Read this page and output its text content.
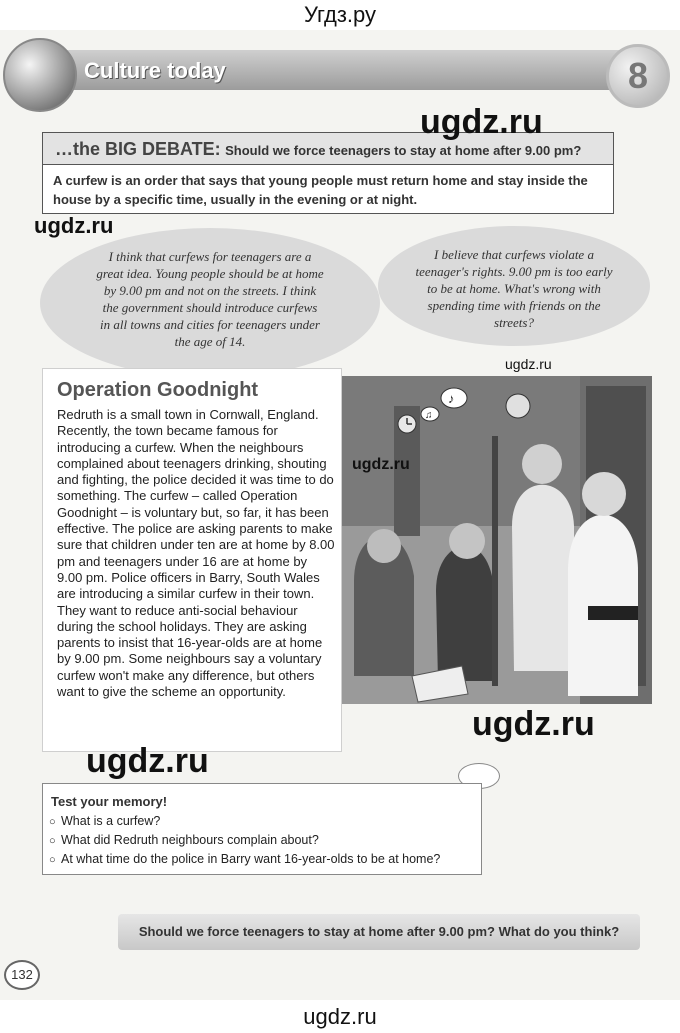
Угдз.ру
Culture today	8
…the BIG DEBATE: Should we force teenagers to stay at home after 9.00 pm?
A curfew is an order that says that young people must return home and stay inside the house by a specific time, usually in the evening or at night.
I think that curfews for teenagers are a great idea. Young people should be at home by 9.00 pm and not on the streets. I think the government should introduce curfews in all towns and cities for teenagers under the age of 14.
I believe that curfews violate a teenager's rights. 9.00 pm is too early to be at home. What's wrong with spending time with friends on the streets?
Operation Goodnight
Redruth is a small town in Cornwall, England. Recently, the town became famous for introducing a curfew. When the neighbours complained about teenagers drinking, shouting and fighting, the police decided it was time to do something. The curfew – called Operation Goodnight – is voluntary but, so far, it has been effective. The police are asking parents to make sure that children under ten are at home by 8.00 pm and teenagers under 16 are at home by 9.00 pm. Police officers in Barry, South Wales are introducing a similar curfew in their town. They want to reduce anti-social behaviour during the school holidays. They are asking parents to insist that 16-year-olds are at home by 9.00 pm. Some neighbours say a voluntary curfew won't make any difference, but others want to give the scheme an opportunity.
♪
♫
Test your memory!
○ What is a curfew?
○ What did Redruth neighbours complain about?
○ At what time do the police in Barry want 16-year-olds to be at home?
Should we force teenagers to stay at home after 9.00 pm? What do you think?
132
ugdz.ru
ugdz.ru
ugdz.ru
ugdz.ru
ugdz.ru
ugdz.ru
ugdz.ru
